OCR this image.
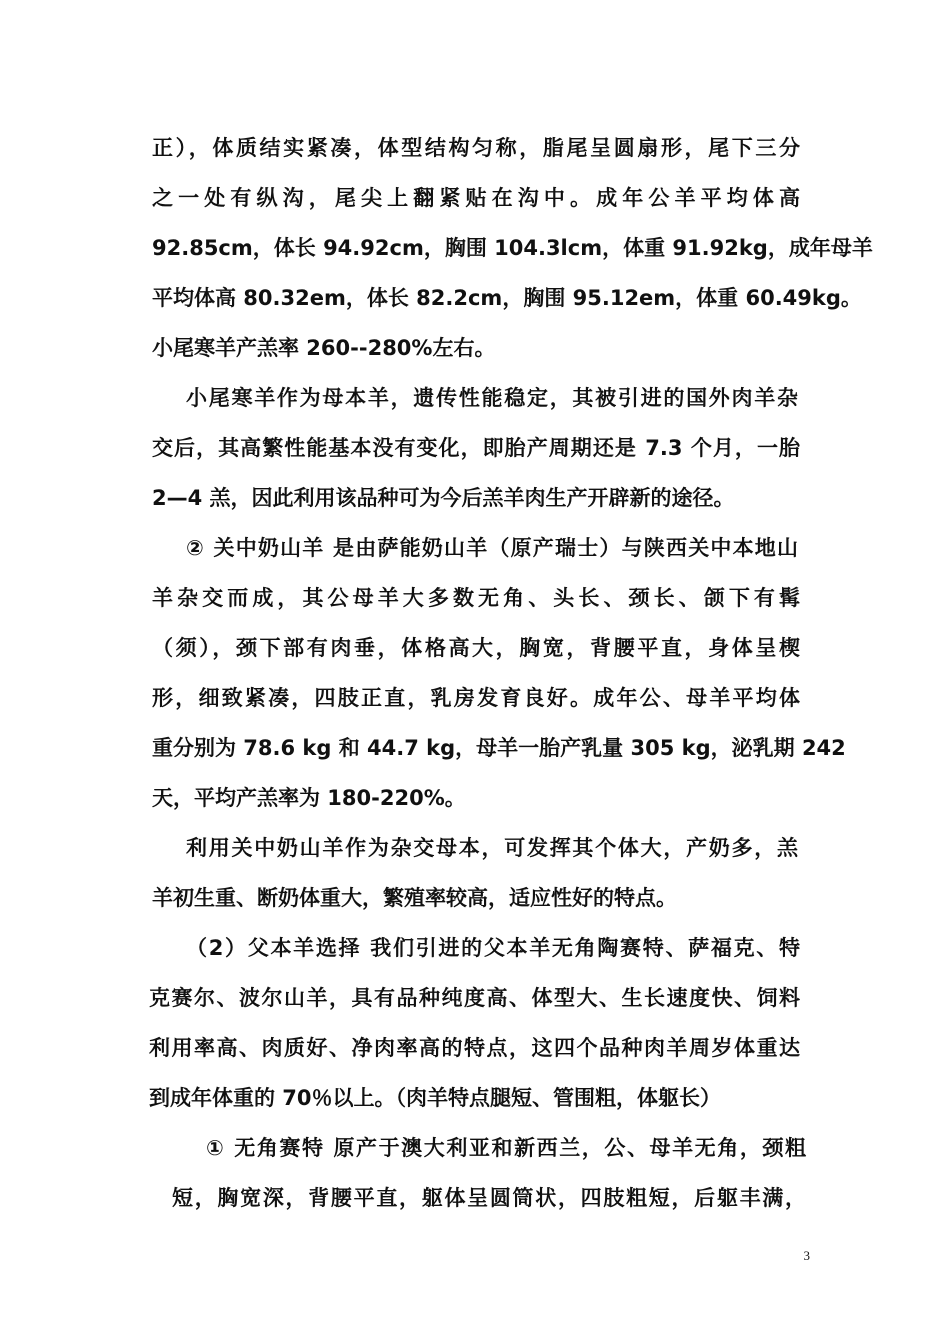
正），体质结实紧凑，体型结构匀称，脂尾呈圆扇形，尾下三分
之一处有纵沟，尾尖上翻紧贴在沟中。成年公羊平均体高
92.85cm，体长 94.92cm，胸围 104.3lcm，体重 91.92kg，成年母羊
平均体高 80.32em，体长 82.2cm，胸围 95.12em，体重 60.49kg。
小尾寒羊产羔率 260--280%左右。
小尾寒羊作为母本羊，遗传性能稳定，其被引进的国外肉羊杂
交后，其高繁性能基本没有变化，即胎产周期还是 7.3 个月，一胎
2—4 羔，因此利用该品种可为今后羔羊肉生产开辟新的途径。
② 关中奶山羊 是由萨能奶山羊（原产瑞士）与陕西关中本地山
羊杂交而成，其公母羊大多数无角、头长、颈长、颌下有髯
（须），颈下部有肉垂，体格高大，胸宽，背腰平直，身体呈楔
形，细致紧凑，四肢正直，乳房发育良好。成年公、母羊平均体
重分别为 78.6 kg 和 44.7 kg，母羊一胎产乳量 305 kg，泌乳期 242
天，平均产羔率为 180-220%。
利用关中奶山羊作为杂交母本，可发挥其个体大，产奶多，羔
羊初生重、断奶体重大，繁殖率较高，适应性好的特点。
（2）父本羊选择 我们引进的父本羊无角陶赛特、萨福克、特
克赛尔、波尔山羊，具有品种纯度高、体型大、生长速度快、饲料
利用率高、肉质好、净肉率高的特点，这四个品种肉羊周岁体重达
到成年体重的 70％以上。（肉羊特点腿短、管围粗，体躯长）
① 无角赛特 原产于澳大利亚和新西兰，公、母羊无角，颈粗
短，胸宽深，背腰平直，躯体呈圆筒状，四肢粗短，后躯丰满，
3
